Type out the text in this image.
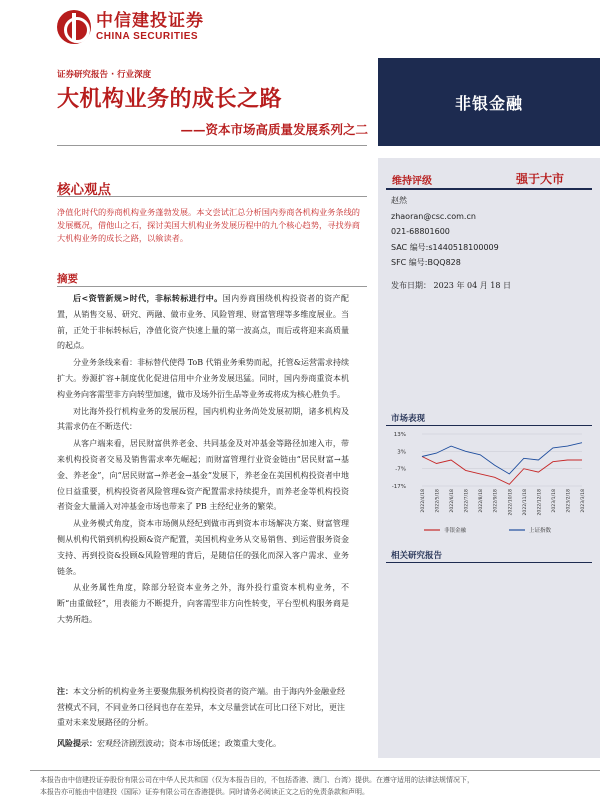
中信建投证券
CHINA SECURITIES
证券研究报告 · 行业深度
大机构业务的成长之路
——资本市场高质量发展系列之二
非银金融
核心观点
净值化时代的券商机构业务蓬勃发展。本文尝试汇总分析国内券商各机构业务条线的发展概况，借他山之石，探讨美国大机构业务发展历程中的九个核心趋势，寻找券商大机构业务的成长之路，以飨读者。
摘要

后<资管新规>时代，非标转标进行中。国内券商围绕机构投资者的资产配置，从销售交易、研究、两融、做市业务、风险管理、财富管理等多维度展业。当前，正处于非标转标后，净值化资产快速上量的第一波高点，而后或将迎来高质量的起点。

分业务条线来看：非标替代使得 ToB 代销业务乘势而起，托管&运营需求持续扩大。券源扩容+制度优化促进信用中介业务发展迅猛。同时，国内券商重资本机构业务向客需型非方向转型加速，做市及场外衍生品等业务或将成为核心胜负手。

对比海外投行机构业务的发展历程，国内机构业务尚处发展初期，诸多机构及其需求仍在不断迭代：

从客户端来看，居民财富供养老金、共同基金及对冲基金等路径加速入市，带来机构投资者交易及销售需求率先崛起；而财富管理行业资金链由“居民财富→基金、养老金”，向“居民财富→养老金→基金”发展下，养老金在美国机构投资者中地位日益重要，机构投资者风险管理&资产配置需求持续提升，而养老金等机构投资者资金大量涌入对冲基金市场也带来了 PB 主经纪业务的繁荣。

从业务模式角度，资本市场侧从经纪到做市再到资本市场解决方案、财富管理侧从机构代销到机构投顾&资产配置，美国机构业务从交易销售、到运营服务资金支持、再到投资&投顾&风险管理的背后，是随信任的强化而深入客户需求、业务链条。

从业务属性角度，除部分轻资本业务之外，海外投行重资本机构业务，不断“由重做轻”，用表能力不断提升，向客需型非方向性转变，平台型机构服务商是大势所趋。

注：本文分析的机构业务主要聚焦服务机构投资者的资产端。由于海内外金融业经营模式不同，不同业务口径间也存在差异，本文尽量尝试在可比口径下对比，更注重对未来发展路径的分析。
风险提示：宏观经济剧烈波动；资本市场低迷；政策重大变化。
维持评级	强于大市
赵然
zhaoran@csc.com.cn
021-68801600
SAC 编号:s1440518100009
SFC 编号:BQQ828
发布日期： 2023 年 04 月 18 日
市场表现
13%
3%
-7%
-17%
2022/4/18 2022/5/18 2022/6/18 2022/7/18 2022/8/18 2022/9/18 2022/10/18 2022/11/18 2022/12/18 2023/1/18 2023/2/18 2023/3/18
非银金融	上证指数
相关研究报告
本报告由中信建投证券股份有限公司在中华人民共和国（仅为本报告目的，不包括香港、澳门、台湾）提供。在遵守适用的法律法规情况下，
本报告亦可能由中信建投（国际）证券有限公司在香港提供。同时请务必阅读正文之后的免责条款和声明。
